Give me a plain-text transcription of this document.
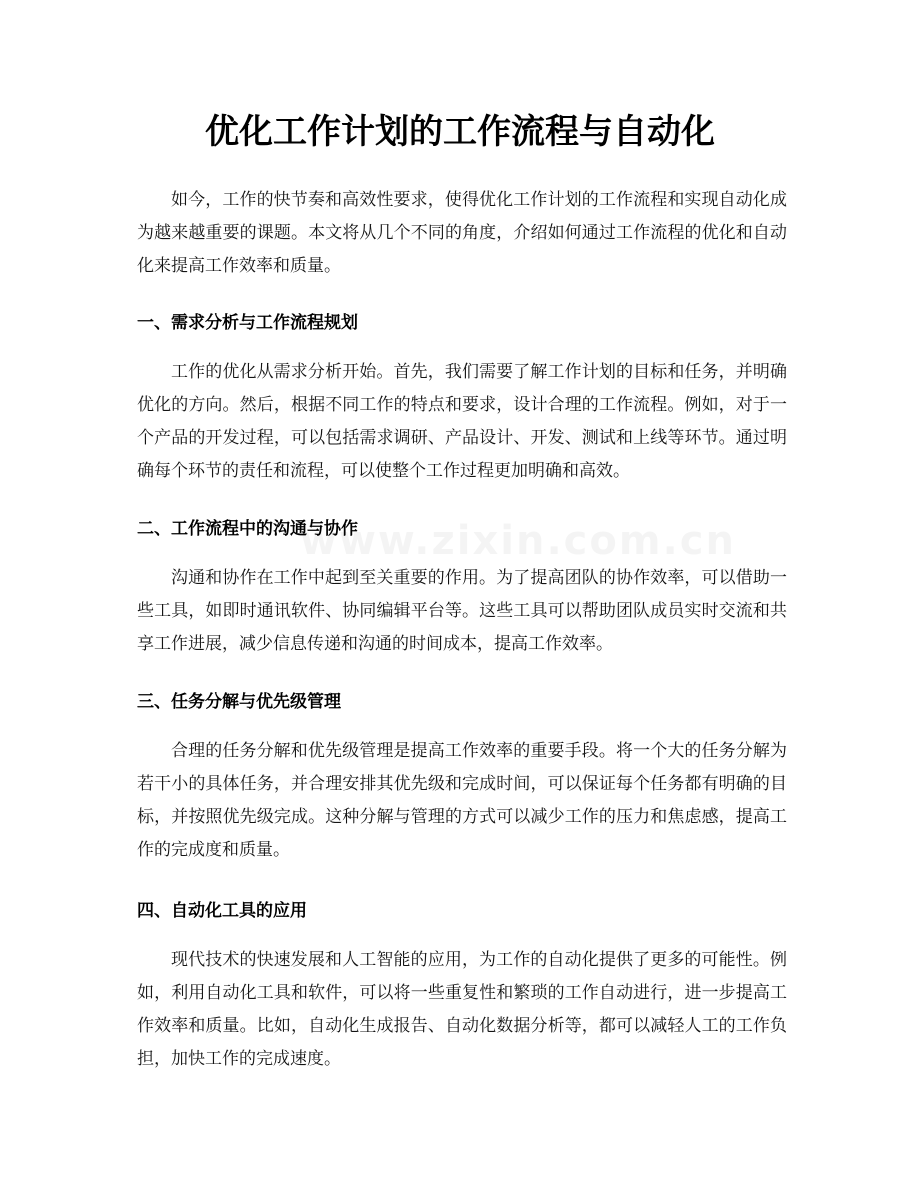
优化工作计划的工作流程与自动化

如今，工作的快节奏和高效性要求，使得优化工作计划的工作流程和实现自动化成为越来越重要的课题。本文将从几个不同的角度，介绍如何通过工作流程的优化和自动化来提高工作效率和质量。

一、需求分析与工作流程规划

工作的优化从需求分析开始。首先，我们需要了解工作计划的目标和任务，并明确优化的方向。然后，根据不同工作的特点和要求，设计合理的工作流程。例如，对于一个产品的开发过程，可以包括需求调研、产品设计、开发、测试和上线等环节。通过明确每个环节的责任和流程，可以使整个工作过程更加明确和高效。

二、工作流程中的沟通与协作

沟通和协作在工作中起到至关重要的作用。为了提高团队的协作效率，可以借助一些工具，如即时通讯软件、协同编辑平台等。这些工具可以帮助团队成员实时交流和共享工作进展，减少信息传递和沟通的时间成本，提高工作效率。

三、任务分解与优先级管理

合理的任务分解和优先级管理是提高工作效率的重要手段。将一个大的任务分解为若干小的具体任务，并合理安排其优先级和完成时间，可以保证每个任务都有明确的目标，并按照优先级完成。这种分解与管理的方式可以减少工作的压力和焦虑感，提高工作的完成度和质量。

四、自动化工具的应用

现代技术的快速发展和人工智能的应用，为工作的自动化提供了更多的可能性。例如，利用自动化工具和软件，可以将一些重复性和繁琐的工作自动进行，进一步提高工作效率和质量。比如，自动化生成报告、自动化数据分析等，都可以减轻人工的工作负担，加快工作的完成速度。
